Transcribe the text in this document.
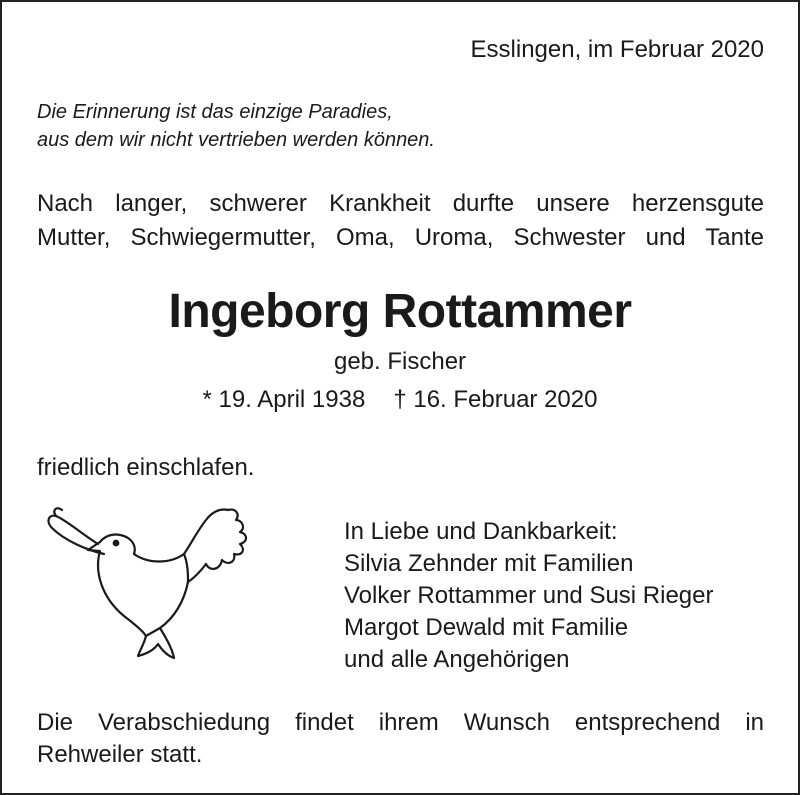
Esslingen, im Februar 2020

Die Erinnerung ist das einzige Paradies,
aus dem wir nicht vertrieben werden können.

Nach langer, schwerer Krankheit durfte unsere herzensgute
Mutter, Schwiegermutter, Oma, Uroma, Schwester und Tante

Ingeborg Rottammer

geb. Fischer

* 19. April 1938 † 16. Februar 2020

friedlich einschlafen.

In Liebe und Dankbarkeit:
Silvia Zehnder mit Familien
Volker Rottammer und Susi Rieger
Margot Dewald mit Familie
und alle Angehörigen

Die Verabschiedung findet ihrem Wunsch entsprechend in
Rehweiler statt.
